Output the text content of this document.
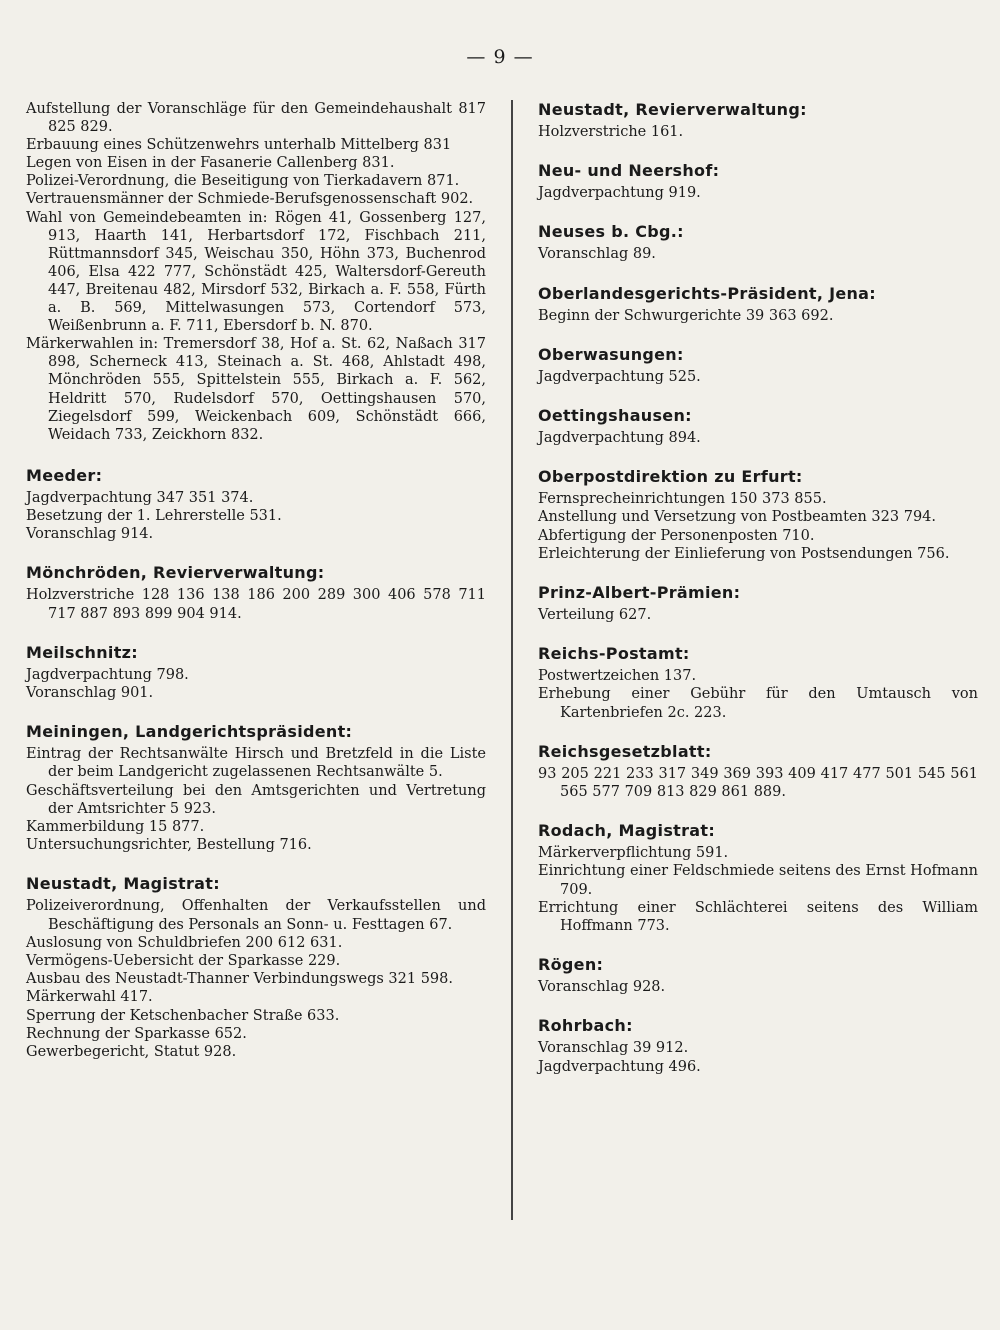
— 9 —
Aufstellung der Voranschläge für den Gemeindehaushalt 817 825 829.
Erbauung eines Schützenwehrs unterhalb Mittelberg 831
Legen von Eisen in der Fasanerie Callenberg 831.
Polizei-Verordnung, die Beseitigung von Tierkadavern 871.
Vertrauensmänner der Schmiede-Berufsgenossenschaft 902.
Wahl von Gemeindebeamten in: Rögen 41, Gossenberg 127, 913, Haarth 141, Herbartsdorf 172, Fischbach 211, Rüttmannsdorf 345, Weischau 350, Höhn 373, Buchenrod 406, Elsa 422 777, Schönstädt 425, Waltersdorf-Gereuth 447, Breitenau 482, Mirsdorf 532, Birkach a. F. 558, Fürth a. B. 569, Mittelwasungen 573, Cortendorf 573, Weißenbrunn a. F. 711, Ebersdorf b. N. 870.
Märkerwahlen in: Tremersdorf 38, Hof a. St. 62, Naßach 317 898, Scherneck 413, Steinach a. St. 468, Ahlstadt 498, Mönchröden 555, Spittelstein 555, Birkach a. F. 562, Heldritt 570, Rudelsdorf 570, Oettingshausen 570, Ziegelsdorf 599, Weickenbach 609, Schönstädt 666, Weidach 733, Zeickhorn 832.
Meeder:
Jagdverpachtung 347 351 374.
Besetzung der 1. Lehrerstelle 531.
Voranschlag 914.
Mönchröden, Revierverwaltung:
Holzverstriche 128 136 138 186 200 289 300 406 578 711 717 887 893 899 904 914.
Meilschnitz:
Jagdverpachtung 798.
Voranschlag 901.
Meiningen, Landgerichtspräsident:
Eintrag der Rechtsanwälte Hirsch und Bretzfeld in die Liste der beim Landgericht zugelassenen Rechtsanwälte 5.
Geschäftsverteilung bei den Amtsgerichten und Vertretung der Amtsrichter 5 923.
Kammerbildung 15 877.
Untersuchungsrichter, Bestellung 716.
Neustadt, Magistrat:
Polizeiverordnung, Offenhalten der Verkaufsstellen und Beschäftigung des Personals an Sonn- u. Festtagen 67.
Auslosung von Schuldbriefen 200 612 631.
Vermögens-Uebersicht der Sparkasse 229.
Ausbau des Neustadt-Thanner Verbindungswegs 321 598.
Märkerwahl 417.
Sperrung der Ketschenbacher Straße 633.
Rechnung der Sparkasse 652.
Gewerbegericht, Statut 928.
Neustadt, Revierverwaltung:
Holzverstriche 161.
Neu- und Neershof:
Jagdverpachtung 919.
Neuses b. Cbg.:
Voranschlag 89.
Oberlandesgerichts-Präsident, Jena:
Beginn der Schwurgerichte 39 363 692.
Oberwasungen:
Jagdverpachtung 525.
Oettingshausen:
Jagdverpachtung 894.
Oberpostdirektion zu Erfurt:
Fernsprecheinrichtungen 150 373 855.
Anstellung und Versetzung von Postbeamten 323 794.
Abfertigung der Personenposten 710.
Erleichterung der Einlieferung von Postsendungen 756.
Prinz-Albert-Prämien:
Verteilung 627.
Reichs-Postamt:
Postwertzeichen 137.
Erhebung einer Gebühr für den Umtausch von Kartenbriefen 2c. 223.
Reichsgesetzblatt:
93 205 221 233 317 349 369 393 409 417 477 501 545 561 565 577 709 813 829 861 889.
Rodach, Magistrat:
Märkerverpflichtung 591.
Einrichtung einer Feldschmiede seitens des Ernst Hofmann 709.
Errichtung einer Schlächterei seitens des William Hoffmann 773.
Rögen:
Voranschlag 928.
Rohrbach:
Voranschlag 39 912.
Jagdverpachtung 496.
